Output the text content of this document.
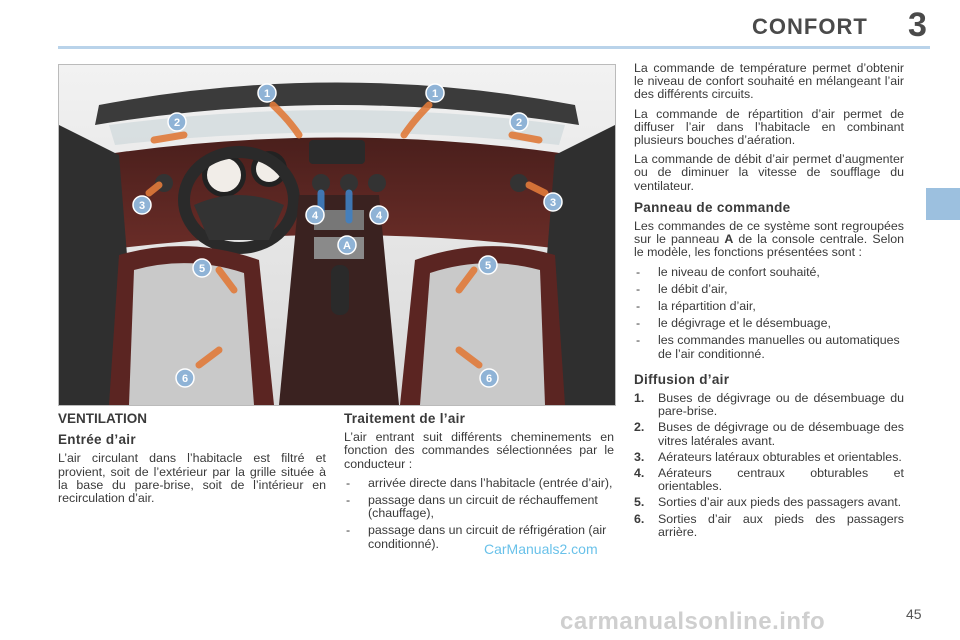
CONFORT 3
1	1
2	2
3	3
4	4
A
5	5
6	6
VENTILATION
Entrée d’air

L’air circulant dans l’habitacle est filtré et provient, soit de l’extérieur par la grille située à la base du pare-brise, soit de l’intérieur en recirculation d’air.

Traitement de l’air

L’air entrant suit différents cheminements en fonction des commandes sélectionnées par le conducteur :

- arrivée directe dans l’habitacle (entrée d’air),
- passage dans un circuit de réchauffement (chauffage),
- passage dans un circuit de réfrigération (air conditionné).

La commande de température permet d’obtenir le niveau de confort souhaité en mélangeant l’air des différents circuits.

La commande de répartition d’air permet de diffuser l’air dans l’habitacle en combinant plusieurs bouches d’aération.

La commande de débit d’air permet d’augmenter ou de diminuer la vitesse de soufflage du ventilateur.

Panneau de commande

Les commandes de ce système sont regroupées sur le panneau A de la console centrale. Selon le modèle, les fonctions présentées sont :

- le niveau de confort souhaité,
- le débit d’air,
- la répartition d’air,
- le dégivrage et le désembuage,
- les commandes manuelles ou automatiques de l’air conditionné.
Diffusion d’air
1. Buses de dégivrage ou de désembuage du pare-brise.
2. Buses de dégivrage ou de désembuage des vitres latérales avant.
3. Aérateurs latéraux obturables et orientables.
4. Aérateurs centraux obturables et orientables.
5. Sorties d’air aux pieds des passagers avant.
6. Sorties d’air aux pieds des passagers arrière.
45
CarManuals2.com
carmanualsonline.info
